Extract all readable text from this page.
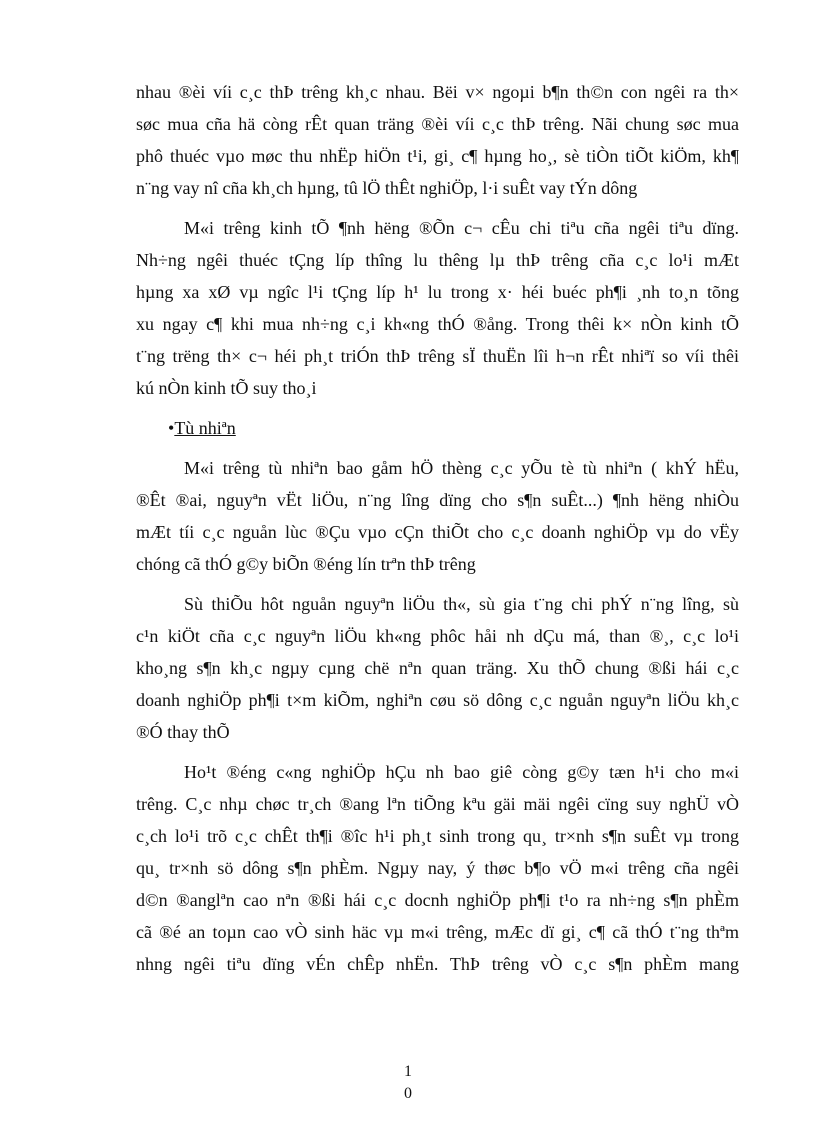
nhau ®èi víi c¸c thÞ trêng kh¸c nhau. Bëi v× ngoµi b¶n th©n con ngêi ra th×
søc mua cña hä còng rÊt quan träng ®èi víi c¸c thÞ trêng. Nãi chung søc mua
phô thuéc vµo møc thu nhËp hiÖn t¹i, gi¸ c¶ hµng ho¸, sè tiÒn tiÕt kiÖm, kh¶
n¨ng vay nî cña kh¸ch hµng, tû lÖ thÊt nghiÖp, l·i suÊt vay tÝn dông

M«i trêng kinh tÕ ¶nh hëng ®Õn c¬ cÊu chi tiªu cña ngêi tiªu dïng.
Nh÷ng ngêi thuéc tÇng líp thîng lu thêng lµ thÞ trêng cña c¸c lo¹i mÆt
hµng xa xØ vµ ngîc l¹i tÇng líp h¹ lu trong x· héi buéc ph¶i ¸nh to¸n tõng
xu ngay c¶ khi mua nh÷ng c¸i kh«ng thÓ ®ång. Trong thêi k× nÒn kinh tÕ
t¨ng trëng th× c¬ héi ph¸t triÓn thÞ trêng sÏ thuËn lîi h¬n rÊt nhiªï so víi thêi
kú nÒn kinh tÕ suy tho¸i

•Tù nhiªn

M«i trêng tù nhiªn bao gåm hÖ thèng c¸c yÕu tè tù nhiªn ( khÝ hËu,
®Êt ®ai, nguyªn vËt liÖu, n¨ng lîng dïng cho s¶n suÊt...) ¶nh hëng nhiÒu
mÆt tíi c¸c nguån lùc ®Çu vµo cÇn thiÕt cho c¸c doanh nghiÖp vµ do vËy
chóng cã thÓ g©y biÕn ®éng lín trªn thÞ trêng

Sù thiÕu hôt nguån nguyªn liÖu th«, sù gia t¨ng chi phÝ n¨ng lîng, sù
c¹n kiÖt cña c¸c nguyªn liÖu kh«ng phôc håi nh dÇu má, than ®¸, c¸c lo¹i
kho¸ng s¶n kh¸c ngµy cµng chë nªn quan träng. Xu thÕ chung ®ßi hái c¸c
doanh nghiÖp ph¶i t×m kiÕm, nghiªn cøu sö dông c¸c nguån nguyªn liÖu kh¸c
®Ó thay thÕ

Ho¹t ®éng c«ng nghiÖp hÇu nh bao giê còng g©y tæn h¹i cho m«i
trêng. C¸c nhµ chøc tr¸ch ®ang lªn tiÕng kªu gäi mäi ngêi cïng suy nghÜ vÒ
c¸ch lo¹i trõ c¸c chÊt th¶i ®îc h¹i ph¸t sinh trong qu¸ tr×nh s¶n suÊt vµ trong
qu¸ tr×nh sö dông s¶n phÈm. Ngµy nay, ý thøc b¶o vÖ m«i trêng cña ngêi
d©n ®anglªn cao nªn ®ßi hái c¸c docnh nghiÖp ph¶i t¹o ra nh÷ng s¶n phÈm
cã ®é an toµn cao vÒ sinh häc vµ m«i trêng, mÆc dï gi¸ c¶ cã thÓ t¨ng thªm
nhng ngêi tiªu dïng vÉn chÊp nhËn. ThÞ trêng vÒ c¸c s¶n phÈm mang

1
0
